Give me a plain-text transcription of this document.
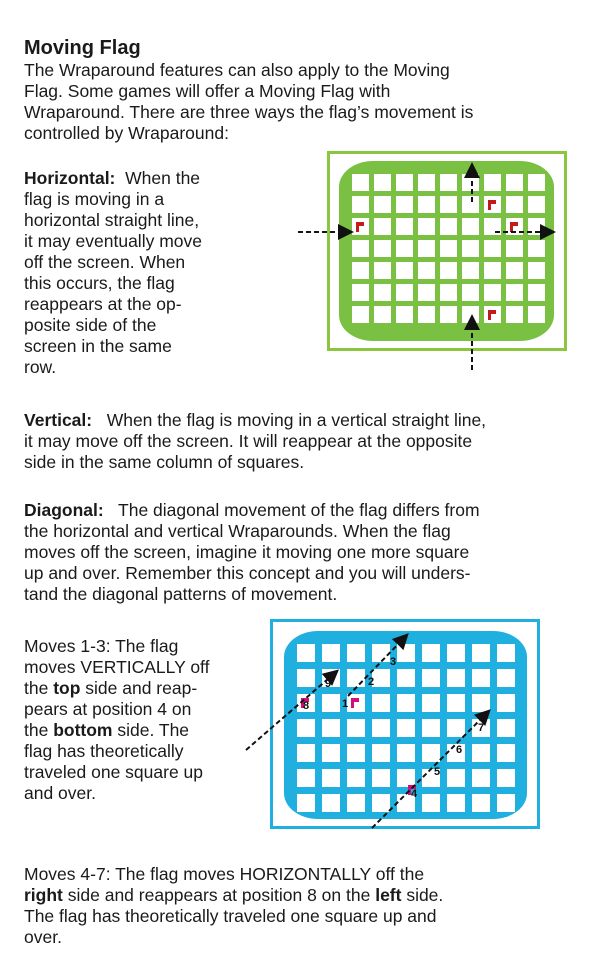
Moving Flag
The Wraparound features can also apply to the Moving
Flag. Some games will offer a Moving Flag with
Wraparound. There are three ways the flag’s movement is
controlled by Wraparound:
Horizontal: When the
flag is moving in a
horizontal straight line,
it may eventually move
off the screen. When
this occurs, the flag
reappears at the op-
posite side of the
screen in the same
row.
Vertical: When the flag is moving in a vertical straight line,
it may move off the screen. It will reappear at the opposite
side in the same column of squares.
Diagonal: The diagonal movement of the flag differs from
the horizontal and vertical Wraparounds. When the flag
moves off the screen, imagine it moving one more square
up and over. Remember this concept and you will unders-
tand the diagonal patterns of movement.
Moves 1-3: The flag
moves VERTICALLY off
the top side and reap-
pears at position 4 on
the bottom side. The
flag has theoretically
traveled one square up
and over.
1
2
3
4
5
6
7
8
9
Moves 4-7: The flag moves HORIZONTALLY off the
right side and reappears at position 8 on the left side.
The flag has theoretically traveled one square up and
over.
